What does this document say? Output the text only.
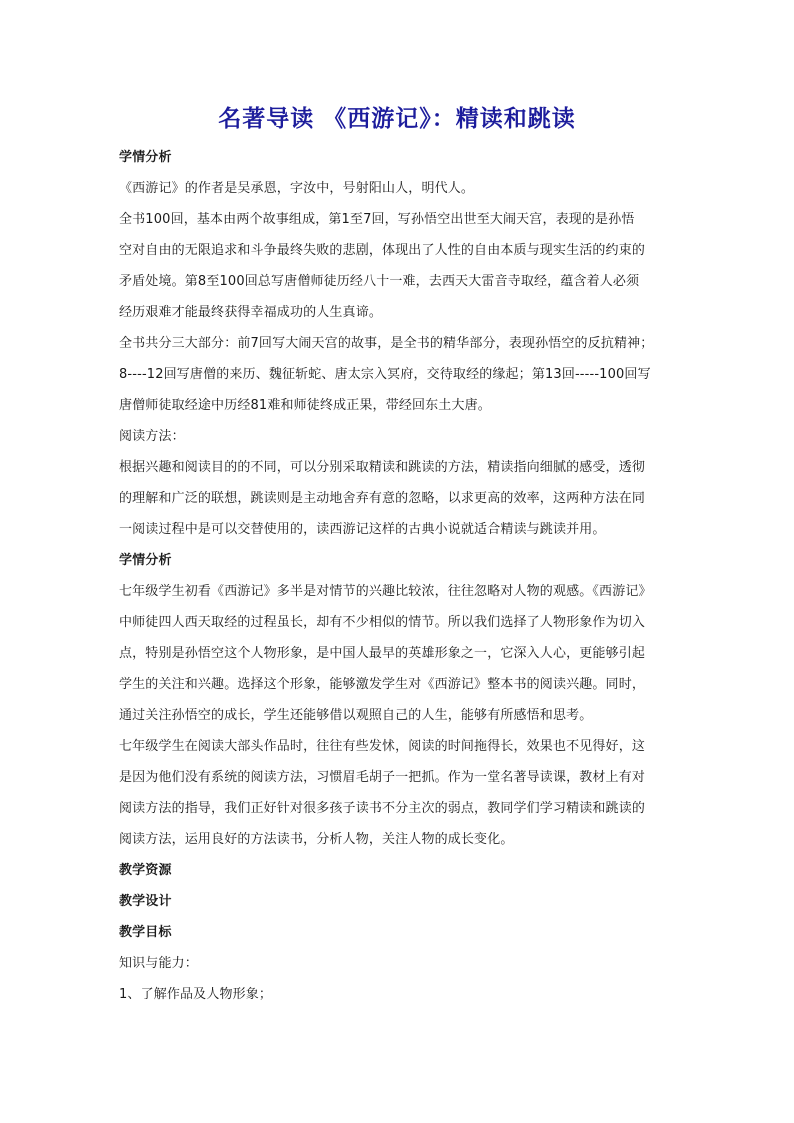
名著导读 《西游记》：精读和跳读

学情分析

《西游记》的作者是吴承恩，字汝中，号射阳山人，明代人。

全书100回，基本由两个故事组成，第1至7回，写孙悟空出世至大闹天宫，表现的是孙悟

空对自由的无限追求和斗争最终失败的悲剧，体现出了人性的自由本质与现实生活的约束的

矛盾处境。第8至100回总写唐僧师徒历经八十一难，去西天大雷音寺取经，蕴含着人必须

经历艰难才能最终获得幸福成功的人生真谛。

全书共分三大部分：前7回写大闹天宫的故事，是全书的精华部分，表现孙悟空的反抗精神；

8----12回写唐僧的来历、魏征斩蛇、唐太宗入冥府，交待取经的缘起；第13回-----100回写

唐僧师徒取经途中历经81难和师徒终成正果，带经回东土大唐。

阅读方法：

根据兴趣和阅读目的的不同，可以分别采取精读和跳读的方法，精读指向细腻的感受，透彻

的理解和广泛的联想，跳读则是主动地舍弃有意的忽略，以求更高的效率，这两种方法在同

一阅读过程中是可以交替使用的，读西游记这样的古典小说就适合精读与跳读并用。

学情分析

七年级学生初看《西游记》多半是对情节的兴趣比较浓，往往忽略对人物的观感。《西游记》

中师徒四人西天取经的过程虽长，却有不少相似的情节。所以我们选择了人物形象作为切入

点，特别是孙悟空这个人物形象，是中国人最早的英雄形象之一，它深入人心，更能够引起

学生的关注和兴趣。选择这个形象，能够激发学生对《西游记》整本书的阅读兴趣。同时，

通过关注孙悟空的成长，学生还能够借以观照自己的人生，能够有所感悟和思考。

七年级学生在阅读大部头作品时，往往有些发怵，阅读的时间拖得长，效果也不见得好，这

是因为他们没有系统的阅读方法，习惯眉毛胡子一把抓。作为一堂名著导读课，教材上有对

阅读方法的指导，我们正好针对很多孩子读书不分主次的弱点，教同学们学习精读和跳读的

阅读方法，运用良好的方法读书，分析人物，关注人物的成长变化。

教学资源

教学设计

教学目标

知识与能力：

1、了解作品及人物形象；
